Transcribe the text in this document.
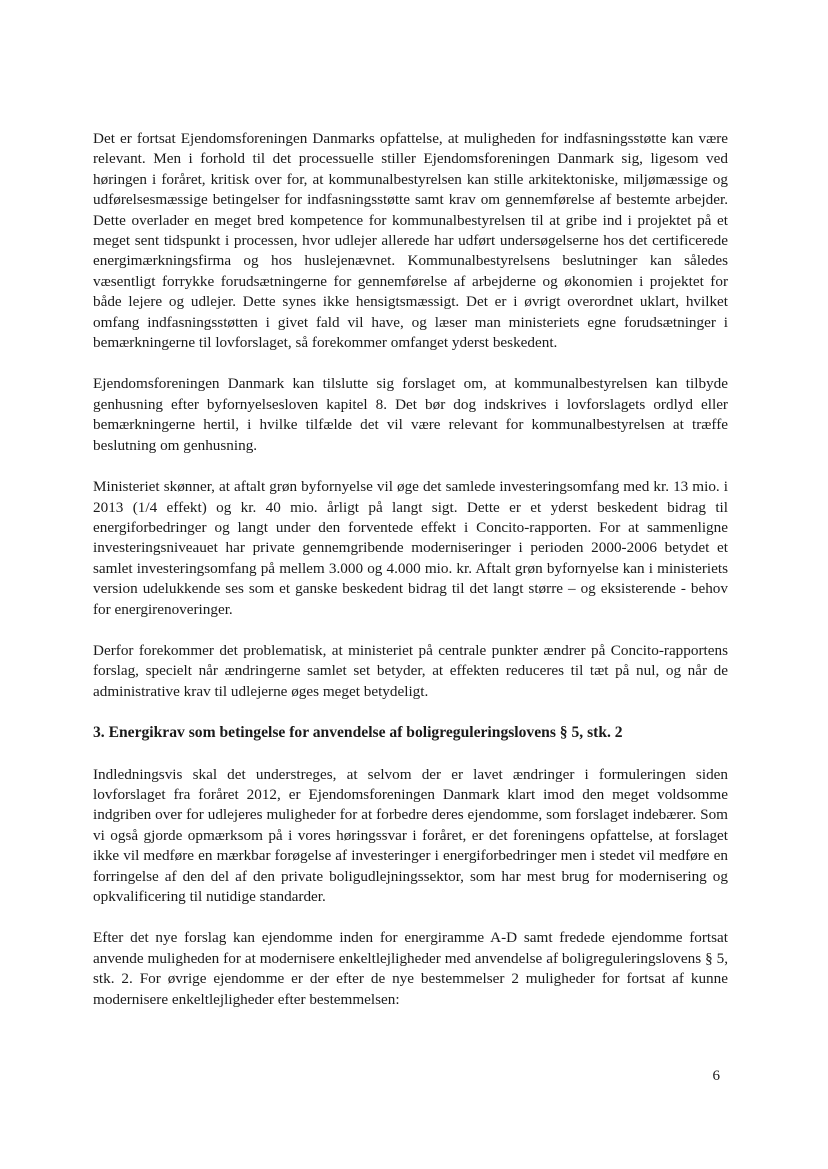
Det er fortsat Ejendomsforeningen Danmarks opfattelse, at muligheden for indfasningsstøtte kan være relevant. Men i forhold til det processuelle stiller Ejendomsforeningen Danmark sig, ligesom ved høringen i foråret, kritisk over for, at kommunalbestyrelsen kan stille arkitektoniske, miljømæssige og udførelsesmæssige betingelser for indfasningsstøtte samt krav om gennemførelse af bestemte arbejder. Dette overlader en meget bred kompetence for kommunalbestyrelsen til at gribe ind i projektet på et meget sent tidspunkt i processen, hvor udlejer allerede har udført undersøgelserne hos det certificerede energimærkningsfirma og hos huslejenævnet. Kommunalbestyrelsens beslutninger kan således væsentligt forrykke forudsætningerne for gennemførelse af arbejderne og økonomien i projektet for både lejere og udlejer. Dette synes ikke hensigtsmæssigt. Det er i øvrigt overordnet uklart, hvilket omfang indfasningsstøtten i givet fald vil have, og læser man ministeriets egne forudsætninger i bemærkningerne til lovforslaget, så forekommer omfanget yderst beskedent.

Ejendomsforeningen Danmark kan tilslutte sig forslaget om, at kommunalbestyrelsen kan tilbyde genhusning efter byfornyelsesloven kapitel 8. Det bør dog indskrives i lovforslagets ordlyd eller bemærkningerne hertil, i hvilke tilfælde det vil være relevant for kommunalbestyrelsen at træffe beslutning om genhusning.

Ministeriet skønner, at aftalt grøn byfornyelse vil øge det samlede investeringsomfang med kr. 13 mio. i 2013 (1/4 effekt) og kr. 40 mio. årligt på langt sigt. Dette er et yderst beskedent bidrag til energiforbedringer og langt under den forventede effekt i Concito-rapporten. For at sammenligne investeringsniveauet har private gennemgribende moderniseringer i perioden 2000-2006 betydet et samlet investeringsomfang på mellem 3.000 og 4.000 mio. kr. Aftalt grøn byfornyelse kan i ministeriets version udelukkende ses som et ganske beskedent bidrag til det langt større – og eksisterende - behov for energirenoveringer.

Derfor forekommer det problematisk, at ministeriet på centrale punkter ændrer på Concito-rapportens forslag, specielt når ændringerne samlet set betyder, at effekten reduceres til tæt på nul, og når de administrative krav til udlejerne øges meget betydeligt.

3. Energikrav som betingelse for anvendelse af boligreguleringslovens § 5, stk. 2

Indledningsvis skal det understreges, at selvom der er lavet ændringer i formuleringen siden lovforslaget fra foråret 2012, er Ejendomsforeningen Danmark klart imod den meget voldsomme indgriben over for udlejeres muligheder for at forbedre deres ejendomme, som forslaget indebærer. Som vi også gjorde opmærksom på i vores høringssvar i foråret, er det foreningens opfattelse, at forslaget ikke vil medføre en mærkbar forøgelse af investeringer i energiforbedringer men i stedet vil medføre en forringelse af den del af den private boligudlejningssektor, som har mest brug for modernisering og opkvalificering til nutidige standarder.

Efter det nye forslag kan ejendomme inden for energiramme A-D samt fredede ejendomme fortsat anvende muligheden for at modernisere enkeltlejligheder med anvendelse af boligreguleringslovens § 5, stk. 2. For øvrige ejendomme er der efter de nye bestemmelser 2 muligheder for fortsat af kunne modernisere enkeltlejligheder efter bestemmelsen:

6
